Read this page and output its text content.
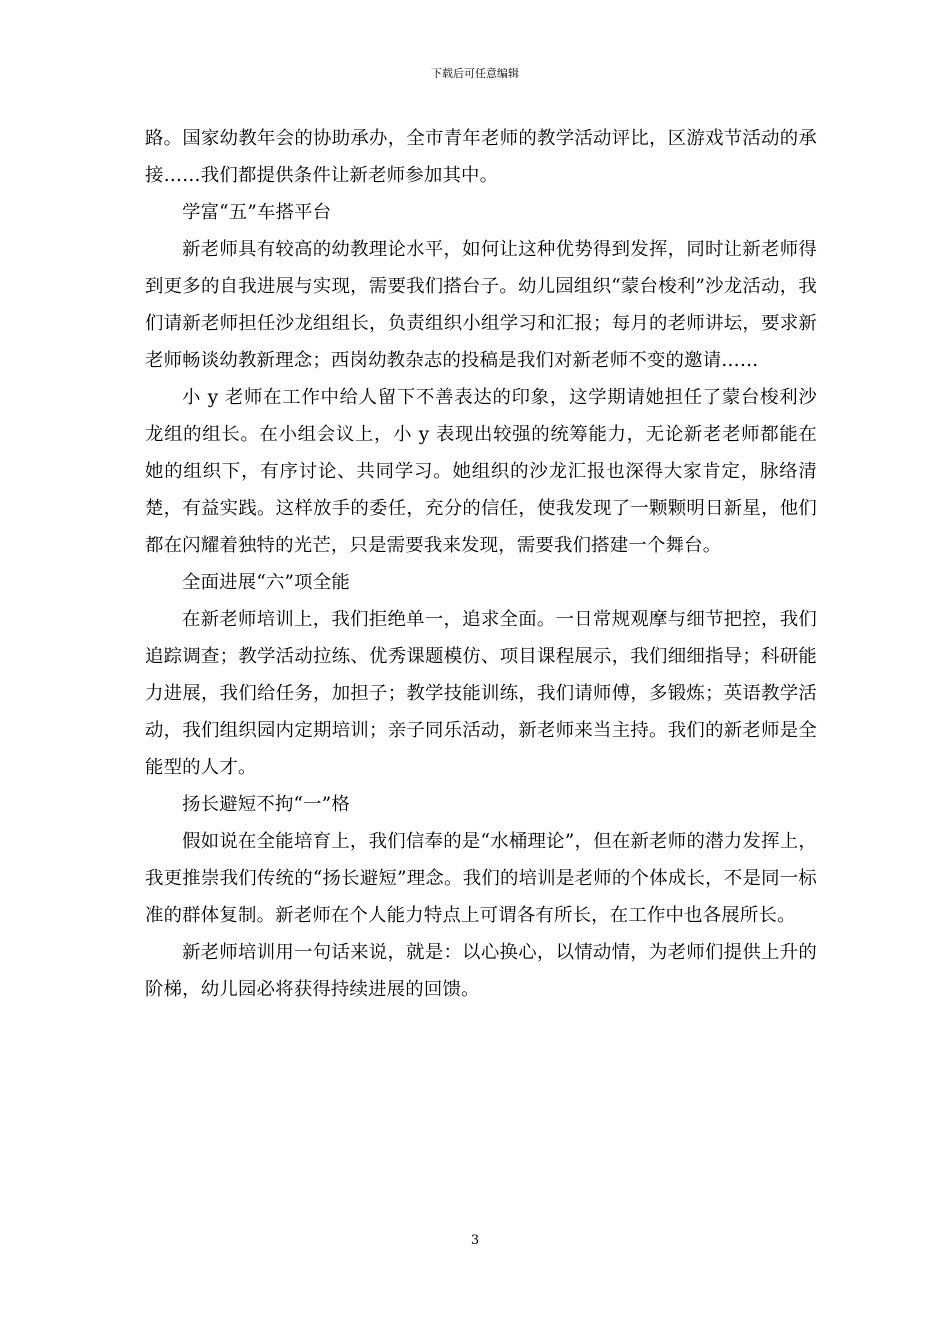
下载后可任意编辑

路。国家幼教年会的协助承办，全市青年老师的教学活动评比，区游戏节活动的承接……我们都提供条件让新老师参加其中。

学富“五”车搭平台

新老师具有较高的幼教理论水平，如何让这种优势得到发挥，同时让新老师得到更多的自我进展与实现，需要我们搭台子。幼儿园组织“蒙台梭利”沙龙活动，我们请新老师担任沙龙组组长，负责组织小组学习和汇报；每月的老师讲坛，要求新老师畅谈幼教新理念；西岗幼教杂志的投稿是我们对新老师不变的邀请……

小 y 老师在工作中给人留下不善表达的印象，这学期请她担任了蒙台梭利沙龙组的组长。在小组会议上，小 y 表现出较强的统筹能力，无论新老老师都能在她的组织下，有序讨论、共同学习。她组织的沙龙汇报也深得大家肯定，脉络清楚，有益实践。这样放手的委任，充分的信任，使我发现了一颗颗明日新星，他们都在闪耀着独特的光芒，只是需要我来发现，需要我们搭建一个舞台。

全面进展“六”项全能

在新老师培训上，我们拒绝单一，追求全面。一日常规观摩与细节把控，我们追踪调查；教学活动拉练、优秀课题模仿、项目课程展示，我们细细指导；科研能力进展，我们给任务，加担子；教学技能训练，我们请师傅，多锻炼；英语教学活动，我们组织园内定期培训；亲子同乐活动，新老师来当主持。我们的新老师是全能型的人才。

扬长避短不拘“一”格

假如说在全能培育上，我们信奉的是“水桶理论”，但在新老师的潜力发挥上，我更推崇我们传统的“扬长避短”理念。我们的培训是老师的个体成长，不是同一标准的群体复制。新老师在个人能力特点上可谓各有所长，在工作中也各展所长。

新老师培训用一句话来说，就是：以心换心，以情动情，为老师们提供上升的阶梯，幼儿园必将获得持续进展的回馈。

3
